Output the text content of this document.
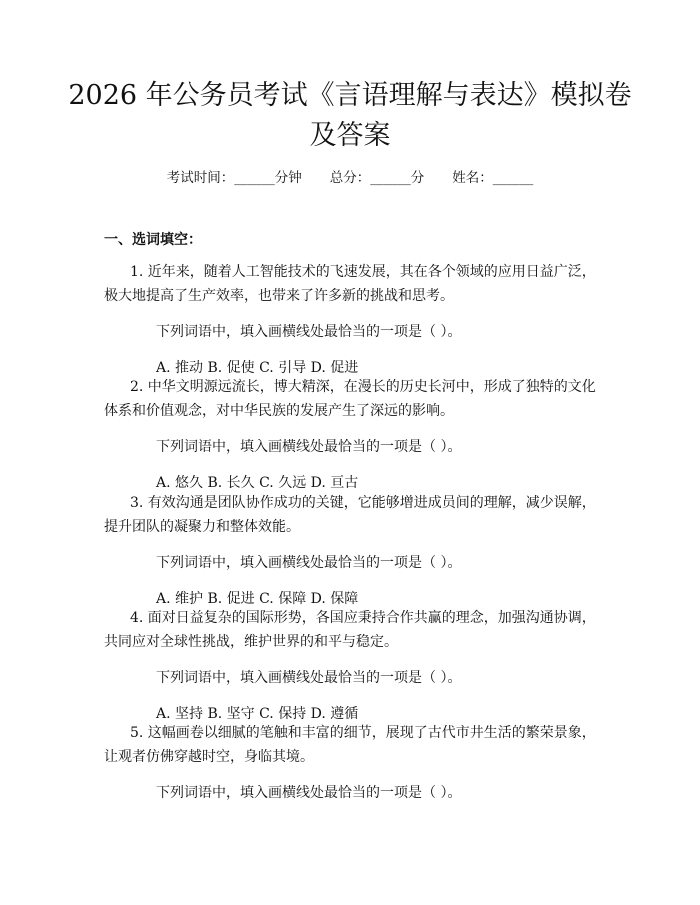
2026 年公务员考试《言语理解与表达》模拟卷及答案
考试时间：______分钟 总分：______分 姓名：______
一、选词填空：

1. 近年来，随着人工智能技术的飞速发展，其在各个领域的应用日益广泛，极大地提高了生产效率，也带来了许多新的挑战和思考。

下列词语中，填入画横线处最恰当的一项是（ ）。

A. 推动 B. 促使 C. 引导 D. 促进

2. 中华文明源远流长，博大精深，在漫长的历史长河中，形成了独特的文化体系和价值观念，对中华民族的发展产生了深远的影响。

下列词语中，填入画横线处最恰当的一项是（ ）。

A. 悠久 B. 长久 C. 久远 D. 亘古

3. 有效沟通是团队协作成功的关键，它能够增进成员间的理解，减少误解，提升团队的凝聚力和整体效能。

下列词语中，填入画横线处最恰当的一项是（ ）。

A. 维护 B. 促进 C. 保障 D. 保障

4. 面对日益复杂的国际形势，各国应秉持合作共赢的理念，加强沟通协调，共同应对全球性挑战，维护世界的和平与稳定。

下列词语中，填入画横线处最恰当的一项是（ ）。

A. 坚持 B. 坚守 C. 保持 D. 遵循

5. 这幅画卷以细腻的笔触和丰富的细节，展现了古代市井生活的繁荣景象，让观者仿佛穿越时空，身临其境。

下列词语中，填入画横线处最恰当的一项是（ ）。
